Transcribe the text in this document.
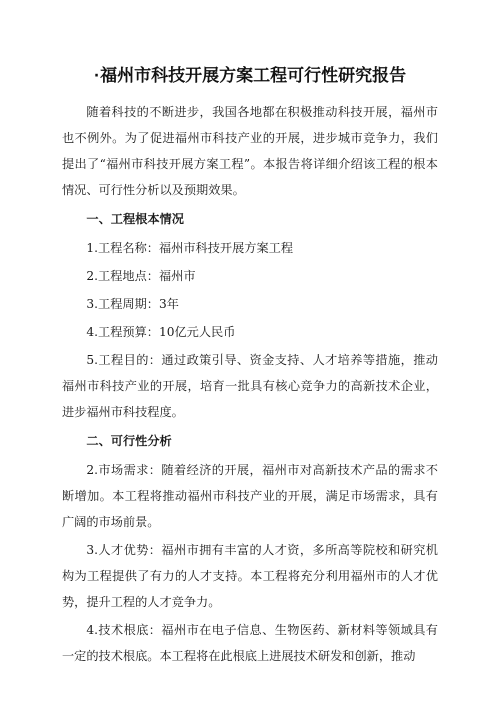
·福州市科技开展方案工程可行性研究报告

随着科技的不断进步，我国各地都在积极推动科技开展，福州市也不例外。为了促进福州市科技产业的开展，进步城市竞争力，我们提出了“福州市科技开展方案工程”。本报告将详细介绍该工程的根本情况、可行性分析以及预期效果。

一、工程根本情况

1.工程名称：福州市科技开展方案工程

2.工程地点：福州市

3.工程周期：3年

4.工程预算：10亿元人民币

5.工程目的：通过政策引导、资金支持、人才培养等措施，推动福州市科技产业的开展，培育一批具有核心竞争力的高新技术企业，进步福州市科技程度。

二、可行性分析

2.市场需求：随着经济的开展，福州市对高新技术产品的需求不断增加。本工程将推动福州市科技产业的开展，满足市场需求，具有广阔的市场前景。

3.人才优势：福州市拥有丰富的人才资，多所高等院校和研究机构为工程提供了有力的人才支持。本工程将充分利用福州市的人才优势，提升工程的人才竞争力。

4.技术根底：福州市在电子信息、生物医药、新材料等领域具有一定的技术根底。本工程将在此根底上进展技术研发和创新，推动
